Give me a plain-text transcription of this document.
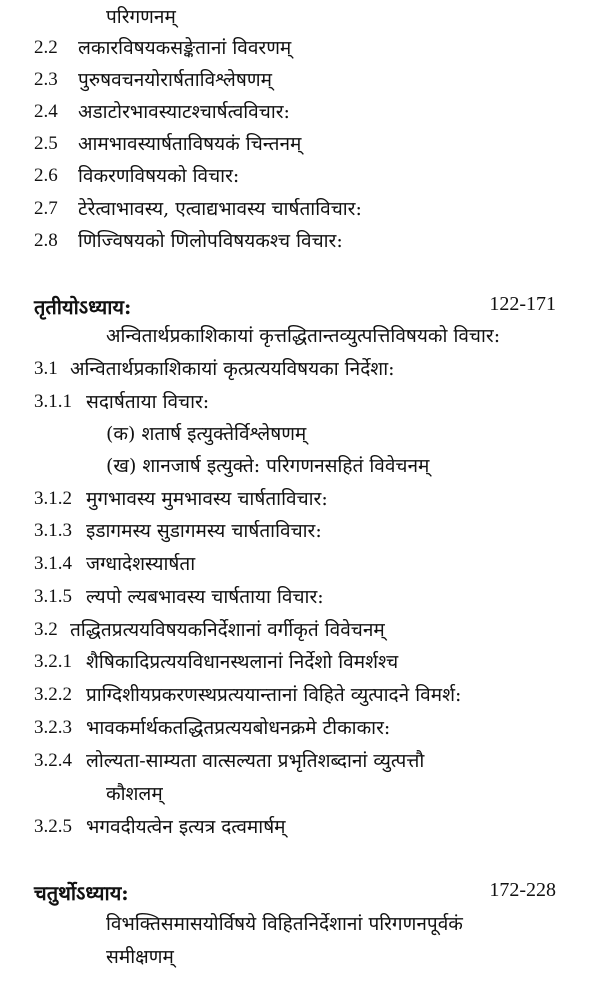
परिगणनम्
2.2 लकारविषयकसङ्केतानां विवरणम्
2.3 पुरुषवचनयोरार्षताविश्लेषणम्
2.4 अडाटोरभावस्याटश्चार्षत्वविचार:
2.5 आमभावस्यार्षताविषयकं चिन्तनम्
2.6 विकरणविषयको विचार:
2.7 टेरेत्वाभावस्य, एत्वाद्यभावस्य चार्षताविचार:
2.8 णिज्विषयको णिलोपविषयकश्च विचार:
तृतीयोऽध्याय:	122-171
अन्वितार्थप्रकाशिकायां कृत्तद्धितान्तव्युत्पत्तिविषयको विचार:
3.1 अन्वितार्थप्रकाशिकायां कृत्प्रत्ययविषयका निर्देशा:
3.1.1 सदार्षताया विचार:
(क) शतार्ष इत्युक्तेर्विश्लेषणम्
(ख) शानजार्ष इत्युक्ते: परिगणनसहितं विवेचनम्
3.1.2 मुगभावस्य मुमभावस्य चार्षताविचार:
3.1.3 इडागमस्य सुडागमस्य चार्षताविचार:
3.1.4 जग्धादेशस्यार्षता
3.1.5 ल्यपो ल्यबभावस्य चार्षताया विचार:
3.2 तद्धितप्रत्ययविषयकनिर्देशानां वर्गीकृतं विवेचनम्
3.2.1 शैषिकादिप्रत्ययविधानस्थलानां निर्देशो विमर्शश्च
3.2.2 प्राग्दिशीयप्रकरणस्थप्रत्ययान्तानां विहिते व्युत्पादने विमर्श:
3.2.3 भावकर्मार्थकतद्धितप्रत्ययबोधनक्रमे टीकाकार:
3.2.4 लोल्यता-साम्यता वात्सल्यता प्रभृतिशब्दानां व्युत्पत्तौ
कौशलम्
3.2.5 भगवदीयत्वेन इत्यत्र दत्वमार्षम्
चतुर्थोऽध्याय:	172-228
विभक्तिसमासयोर्विषये विहितनिर्देशानां परिगणनपूर्वकं
समीक्षणम्
